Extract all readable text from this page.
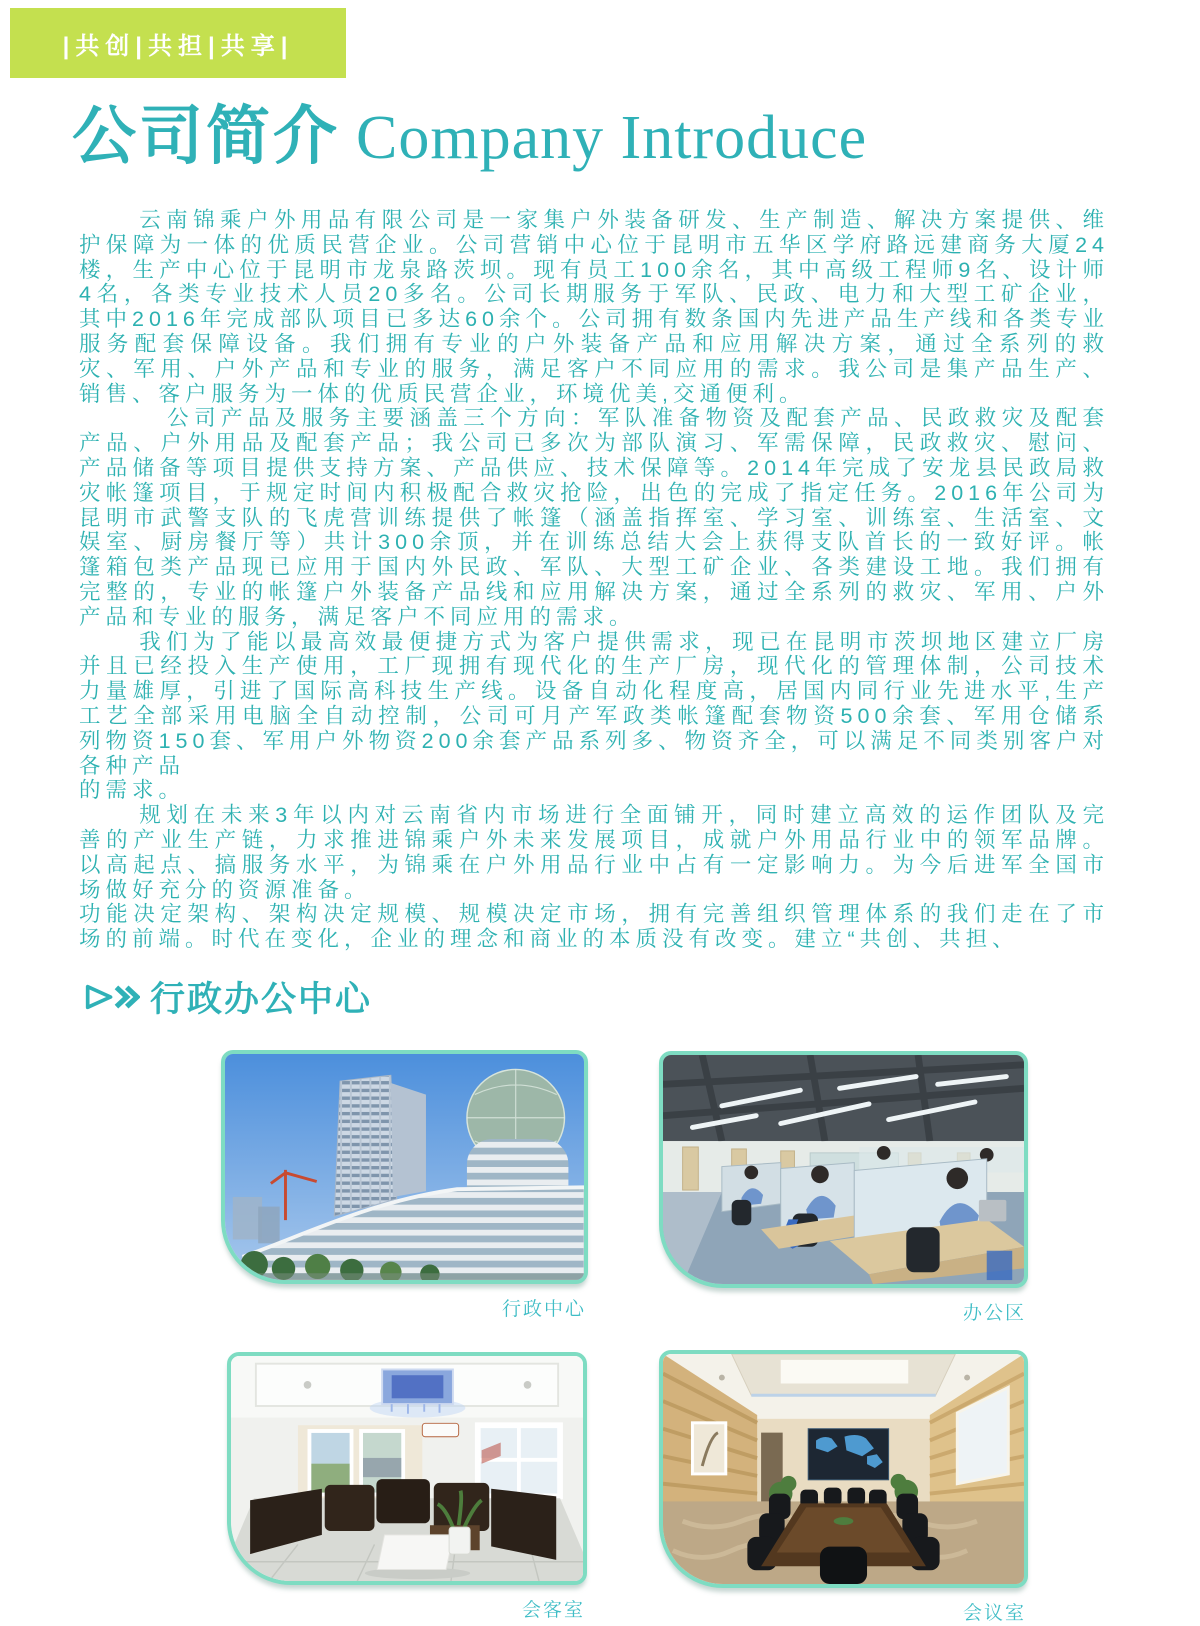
|共创|共担|共享|
公司简介 Company Introduce

云南锦乘户外用品有限公司是一家集户外装备研发、生产制造、解决方案提供、维护保障为一体的优质民营企业。公司营销中心位于昆明市五华区学府路远建商务大厦24楼，生产中心位于昆明市龙泉路茨坝。现有员工100余名，其中高级工程师9名、设计师4名，各类专业技术人员20多名。公司长期服务于军队、民政、电力和大型工矿企业，其中2016年完成部队项目已多达60余个。公司拥有数条国内先进产品生产线和各类专业服务配套保障设备。我们拥有专业的户外装备产品和应用解决方案，通过全系列的救灾、军用、户外产品和专业的服务，满足客户不同应用的需求。我公司是集产品生产、销售、客户服务为一体的优质民营企业，环境优美,交通便利。

公司产品及服务主要涵盖三个方向：军队准备物资及配套产品、民政救灾及配套产品、户外用品及配套产品；我公司已多次为部队演习、军需保障，民政救灾、慰问、产品储备等项目提供支持方案、产品供应、技术保障等。2014年完成了安龙县民政局救灾帐篷项目，于规定时间内积极配合救灾抢险，出色的完成了指定任务。2016年公司为昆明市武警支队的飞虎营训练提供了帐篷（涵盖指挥室、学习室、训练室、生活室、文娱室、厨房餐厅等）共计300余顶，并在训练总结大会上获得支队首长的一致好评。帐篷箱包类产品现已应用于国内外民政、军队、大型工矿企业、各类建设工地。我们拥有完整的，专业的帐篷户外装备产品线和应用解决方案，通过全系列的救灾、军用、户外产品和专业的服务，满足客户不同应用的需求。

我们为了能以最高效最便捷方式为客户提供需求，现已在昆明市茨坝地区建立厂房并且已经投入生产使用，工厂现拥有现代化的生产厂房，现代化的管理体制，公司技术力量雄厚，引进了国际高科技生产线。设备自动化程度高，居国内同行业先进水平,生产工艺全部采用电脑全自动控制，公司可月产军政类帐篷配套物资500余套、军用仓储系列物资150套、军用户外物资200余套产品系列多、物资齐全，可以满足不同类别客户对各种产品

的需求。

规划在未来3年以内对云南省内市场进行全面铺开，同时建立高效的运作团队及完善的产业生产链，力求推进锦乘户外未来发展项目，成就户外用品行业中的领军品牌。以高起点、搞服务水平，为锦乘在户外用品行业中占有一定影响力。为今后进军全国市场做好充分的资源准备。

功能决定架构、架构决定规模、规模决定市场，拥有完善组织管理体系的我们走在了市场的前端。时代在变化，企业的理念和商业的本质没有改变。建立“共创、共担、

行政办公中心
行政中心	办公区
会客室	会议室
